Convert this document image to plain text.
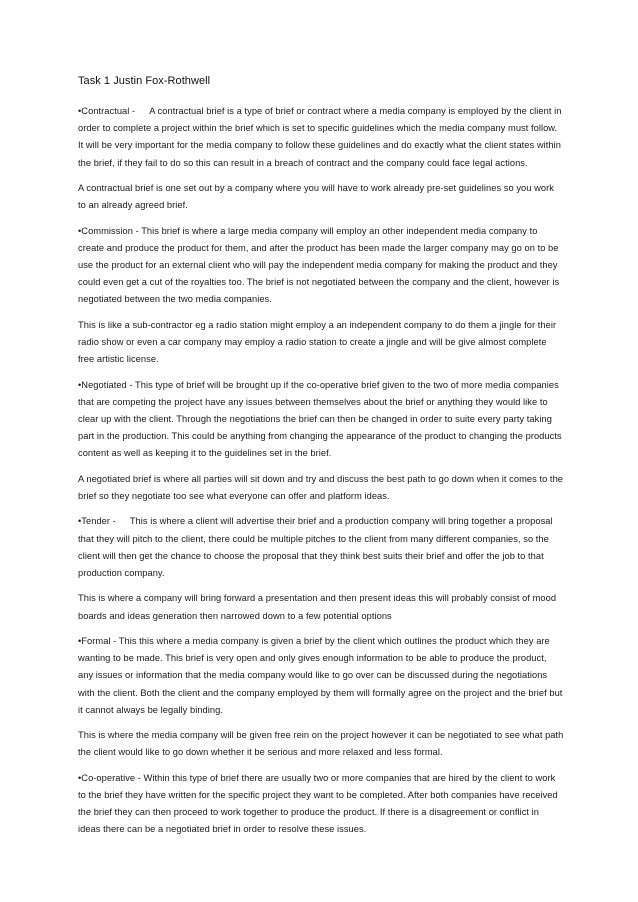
Task 1 Justin Fox-Rothwell

•Contractual - A contractual brief is a type of brief or contract where a media company is employed by the client in order to complete a project within the brief which is set to specific guidelines which the media company must follow. It will be very important for the media company to follow these guidelines and do exactly what the client states within the brief, if they fail to do so this can result in a breach of contract and the company could face legal actions.

A contractual brief is one set out by a company where you will have to work already pre-set guidelines so you work to an already agreed brief.

•Commission - This brief is where a large media company will employ an other independent media company to create and produce the product for them, and after the product has been made the larger company may go on to be use the product for an external client who will pay the independent media company for making the product and they could even get a cut of the royalties too. The brief is not negotiated between the company and the client, however is negotiated between the two media companies.

This is like a sub-contractor eg a radio station might employ a an independent company to do them a jingle for their radio show or even a car company may employ a radio station to create a jingle and will be give almost complete free artistic license.

•Negotiated - This type of brief will be brought up if the co-operative brief given to the two of more media companies that are competing the project have any issues between themselves about the brief or anything they would like to clear up with the client. Through the negotiations the brief can then be changed in order to suite every party taking part in the production. This could be anything from changing the appearance of the product to changing the products content as well as keeping it to the guidelines set in the brief.

A negotiated brief is where all parties will sit down and try and discuss the best path to go down when it comes to the brief so they negotiate too see what everyone can offer and platform ideas.

•Tender - This is where a client will advertise their brief and a production company will bring together a proposal that they will pitch to the client, there could be multiple pitches to the client from many different companies, so the client will then get the chance to choose the proposal that they think best suits their brief and offer the job to that production company.

This is where a company will bring forward a presentation and then present ideas this will probably consist of mood boards and ideas generation then narrowed down to a few potential options

•Formal - This this where a media company is given a brief by the client which outlines the product which they are wanting to be made. This brief is very open and only gives enough information to be able to produce the product, any issues or information that the media company would like to go over can be discussed during the negotiations with the client. Both the client and the company employed by them will formally agree on the project and the brief but it cannot always be legally binding.

This is where the media company will be given free rein on the project however it can be negotiated to see what path the client would like to go down whether it be serious and more relaxed and less formal.

•Co-operative - Within this type of brief there are usually two or more companies that are hired by the client to work to the brief they have written for the specific project they want to be completed. After both companies have received the brief they can then proceed to work together to produce the product. If there is a disagreement or conflict in ideas there can be a negotiated brief in order to resolve these issues.
